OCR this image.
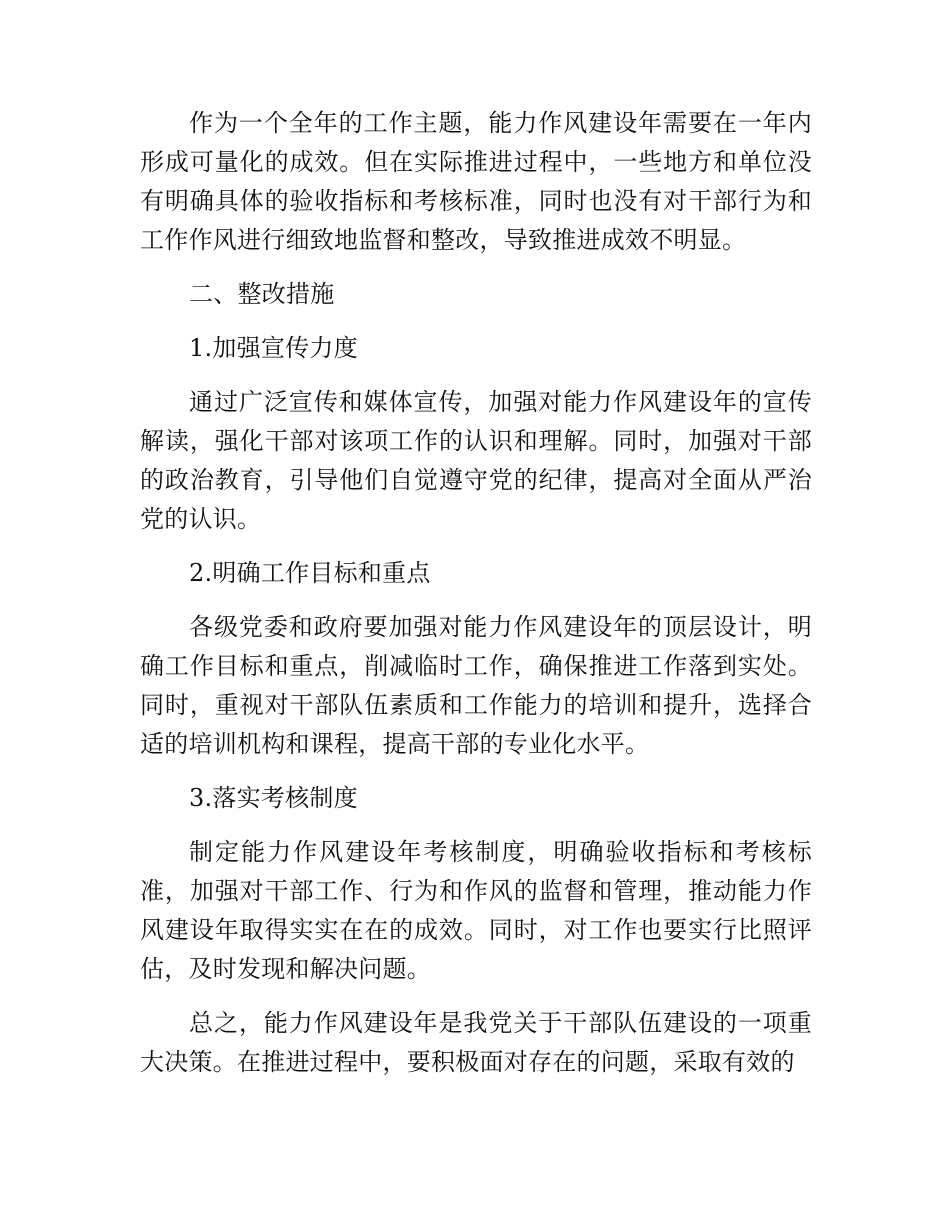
作为一个全年的工作主题，能力作风建设年需要在一年内形成可量化的成效。但在实际推进过程中，一些地方和单位没有明确具体的验收指标和考核标准，同时也没有对干部行为和工作作风进行细致地监督和整改，导致推进成效不明显。

二、整改措施

1.加强宣传力度

通过广泛宣传和媒体宣传，加强对能力作风建设年的宣传解读，强化干部对该项工作的认识和理解。同时，加强对干部的政治教育，引导他们自觉遵守党的纪律，提高对全面从严治党的认识。

2.明确工作目标和重点

各级党委和政府要加强对能力作风建设年的顶层设计，明确工作目标和重点，削减临时工作，确保推进工作落到实处。同时，重视对干部队伍素质和工作能力的培训和提升，选择合适的培训机构和课程，提高干部的专业化水平。

3.落实考核制度

制定能力作风建设年考核制度，明确验收指标和考核标准，加强对干部工作、行为和作风的监督和管理，推动能力作风建设年取得实实在在的成效。同时，对工作也要实行比照评估，及时发现和解决问题。

总之，能力作风建设年是我党关于干部队伍建设的一项重大决策。在推进过程中，要积极面对存在的问题，采取有效的
